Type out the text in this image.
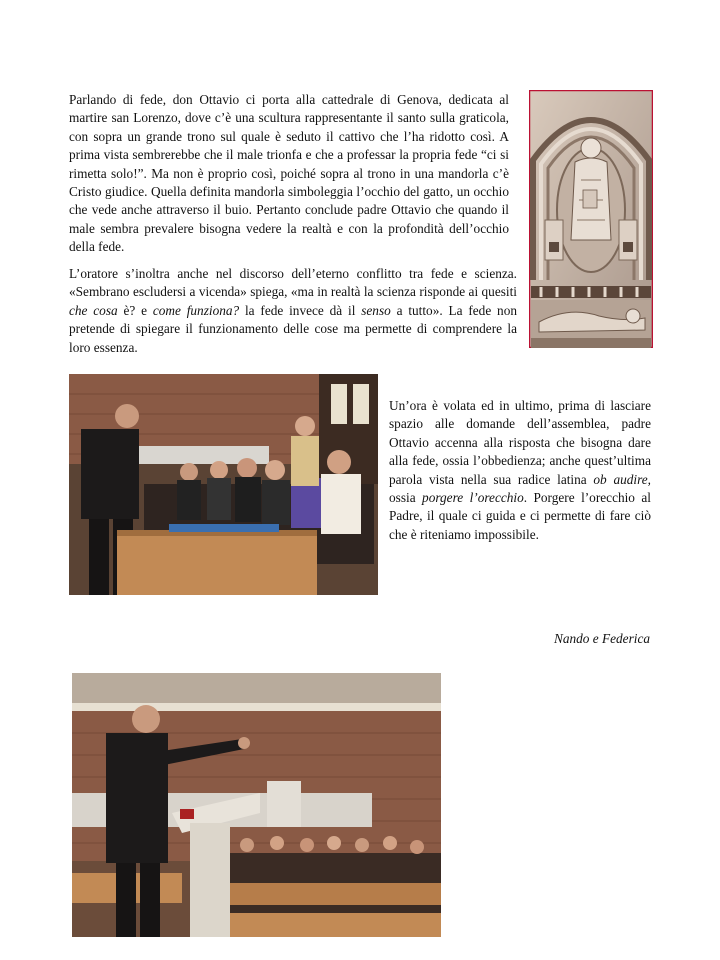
Parlando di fede, don Ottavio ci porta alla cattedrale di Genova, dedicata al martire san Lorenzo, dove c’è una scultura rappresentante il santo sulla graticola, con sopra un grande trono sul quale è seduto il cattivo che l’ha ridotto così. A prima vista sembrerebbe che il male trionfa e che a professar la propria fede “ci si rimetta solo!”. Ma non è proprio così, poiché sopra al trono in una mandorla c’è Cristo giudice. Quella definita mandorla simboleggia l’occhio del gatto, un occhio che vede anche attraverso il buio. Pertanto conclude padre Ottavio che quando il male sembra prevalere bisogna vedere la realtà e con la profondità dell’occhio della fede.

L’oratore s’inoltra anche nel discorso dell’eterno conflitto tra fede e scienza. «Sembrano escludersi a vicenda» spiega, «ma in realtà la scienza risponde ai quesiti che cosa è? e come funziona? la fede invece dà il senso a tutto». La fede non pretende di spiegare il funzionamento delle cose ma permette di comprendere la loro essenza.

Un’ora è volata ed in ultimo, prima di lasciare spazio alle domande dell’assemblea, padre Ottavio accenna alla risposta che bisogna dare alla fede, ossia l’obbedienza; anche quest’ultima parola vista nella sua radice latina ob audire, ossia porgere l’orecchio. Porgere l’orecchio al Padre, il quale ci guida e ci permette di fare ciò che è riteniamo impossibile.

Nando e Federica
